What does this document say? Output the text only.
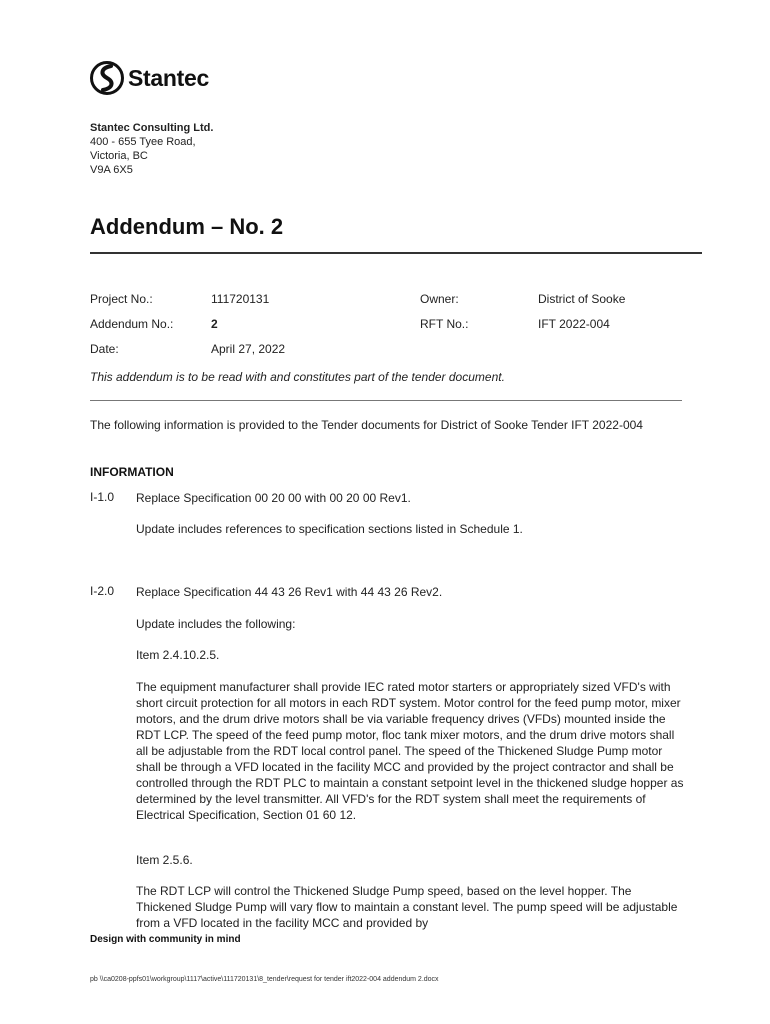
Stantec
Stantec Consulting Ltd.
400 - 655 Tyee Road,
Victoria, BC
V9A 6X5
Addendum – No. 2
Project No.:	111720131	Owner:	District of Sooke
Addendum No.:	2	RFT No.:	IFT 2022-004
Date:	April 27, 2022
This addendum is to be read with and constitutes part of the tender document.
The following information is provided to the Tender documents for District of Sooke Tender IFT 2022-004
INFORMATION
I-1.0 Replace Specification 00 20 00 with 00 20 00 Rev1.
Update includes references to specification sections listed in Schedule 1.
I-2.0 Replace Specification 44 43 26 Rev1 with 44 43 26 Rev2.
Update includes the following:
Item 2.4.10.2.5.
The equipment manufacturer shall provide IEC rated motor starters or appropriately sized VFD's with short circuit protection for all motors in each RDT system. Motor control for the feed pump motor, mixer motors, and the drum drive motors shall be via variable frequency drives (VFDs) mounted inside the RDT LCP. The speed of the feed pump motor, floc tank mixer motors, and the drum drive motors shall all be adjustable from the RDT local control panel. The speed of the Thickened Sludge Pump motor shall be through a VFD located in the facility MCC and provided by the project contractor and shall be controlled through the RDT PLC to maintain a constant setpoint level in the thickened sludge hopper as determined by the level transmitter. All VFD's for the RDT system shall meet the requirements of Electrical Specification, Section 01 60 12.
Item 2.5.6.
The RDT LCP will control the Thickened Sludge Pump speed, based on the level hopper. The Thickened Sludge Pump will vary flow to maintain a constant level. The pump speed will be adjustable from a VFD located in the facility MCC and provided by
Design with community in mind
pb \\ca0208-ppfs01\workgroup\1117\active\111720131\8_tender\request for tender ift2022-004 addendum 2.docx
